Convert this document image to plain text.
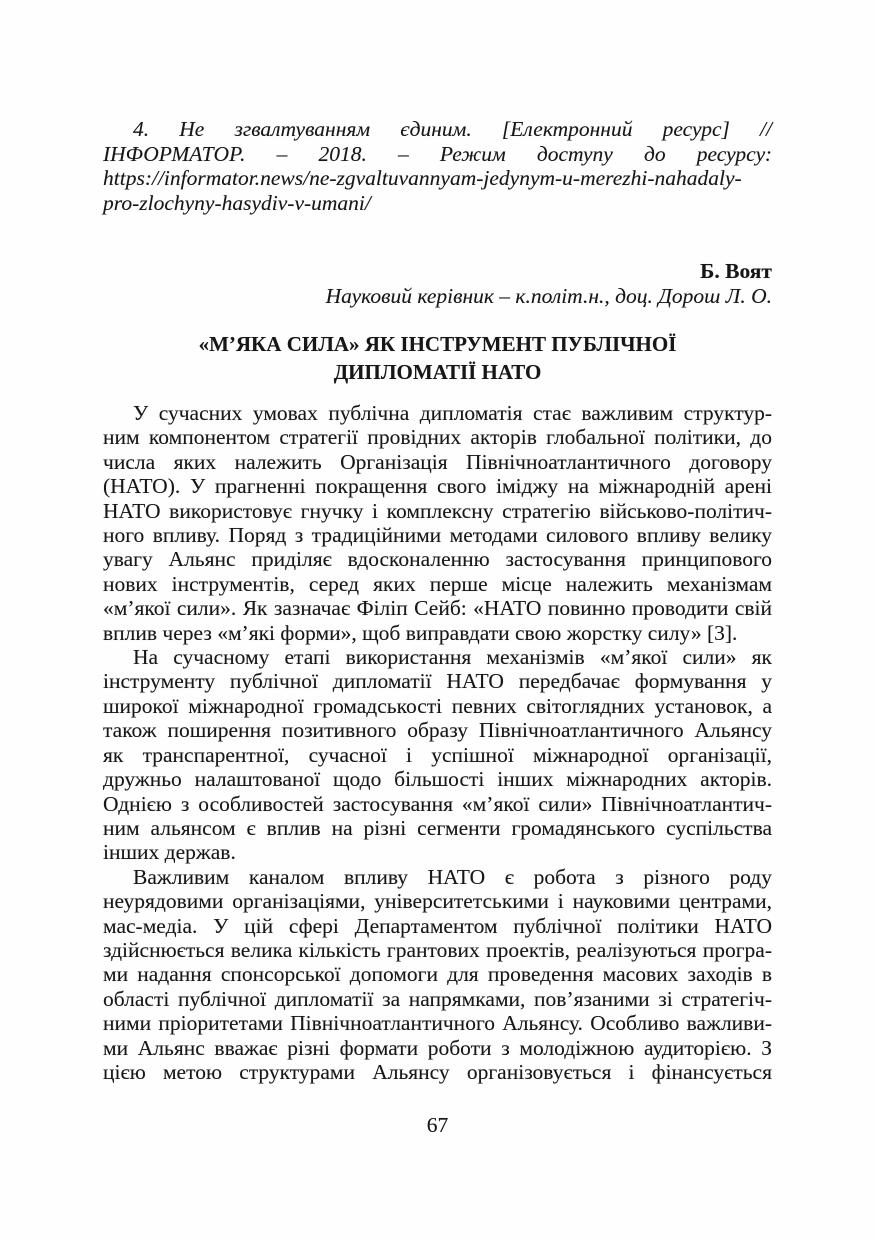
4. Не згвалтуванням єдиним. [Електронний ресурс] //
ІНФОРМАТОР. – 2018. – Режим доступу до ресурсу:
https://informator.news/ne-zgvaltuvannyam-jedynym-u-merezhi-nahadaly-
pro-zlochyny-hasydiv-v-umani/
Б. Воят
Науковий керівник – к.політ.н., доц. Дорош Л. О.
«М’ЯКА СИЛА» ЯК ІНСТРУМЕНТ ПУБЛІЧНОЇ
ДИПЛОМАТІЇ НАТО
У сучасних умовах публічна дипломатія стає важливим структур-
ним компонентом стратегії провідних акторів глобальної політики, до
числа яких належить Організація Північноатлантичного договору
(НАТО). У прагненні покращення свого іміджу на міжнародній арені
НАТО використовує гнучку і комплексну стратегію військово-політич-
ного впливу. Поряд з традиційними методами силового впливу велику
увагу Альянс приділяє вдосконаленню застосування принципового
нових інструментів, серед яких перше місце належить механізмам
«м’якої сили». Як зазначає Філіп Сейб: «НАТО повинно проводити свій
вплив через «м’які форми», щоб виправдати свою жорстку силу» [3].
На сучасному етапі використання механізмів «м’якої сили» як
інструменту публічної дипломатії НАТО передбачає формування у
широкої міжнародної громадськості певних світоглядних установок, а
також поширення позитивного образу Північноатлантичного Альянсу
як транспарентної, сучасної і успішної міжнародної організації,
дружньо налаштованої щодо більшості інших міжнародних акторів.
Однією з особливостей застосування «м’якої сили» Північноатлантич-
ним альянсом є вплив на різні сегменти громадянського суспільства
інших держав.
Важливим каналом впливу НАТО є робота з різного роду
неурядовими організаціями, університетськими і науковими центрами,
мас-медіа. У цій сфері Департаментом публічної політики НАТО
здійснюється велика кількість грантових проектів, реалізуються програ-
ми надання спонсорської допомоги для проведення масових заходів в
області публічної дипломатії за напрямками, пов’язаними зі стратегіч-
ними пріоритетами Північноатлантичного Альянсу. Особливо важливи-
ми Альянс вважає різні формати роботи з молодіжною аудиторією. З
цією метою структурами Альянсу організовується і фінансується
67
